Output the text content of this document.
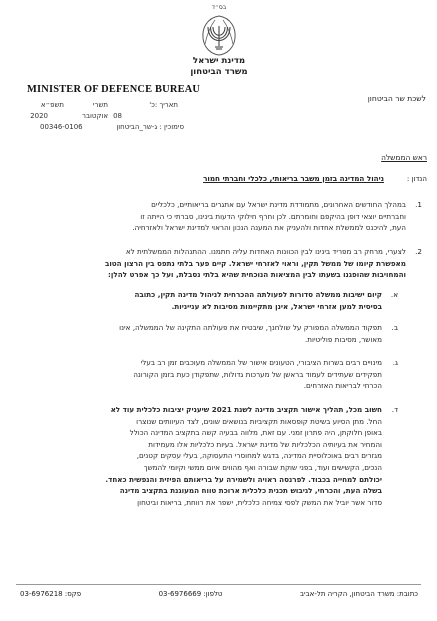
בס״ד
מדינת ישראל
משרד הביטחון
MINISTER OF DEFENCE BUREAU
לשכת שר הביטחון
תאריך :כ'
תשרי
תשפ״א
08
אוקטובר
2020
סימוכין : ג-שר_הביטחון
00346-0106
ראש הממשלה
הנדון :
ניהול המדינה בזמן משבר בריאותי, כלכלי וחברתי חמור
.1
במהלך החודשים האחרונים, מתמודדת מדינת ישראל עם אתגרים בריאותיים, כלכליים
וחברתיים יוצאי דופן בהיקפם וחומרתם. לכן וחרף חילוקי הדעות בינינו, סברתי כי הייתה זו
העת, להיכנס לממשלת אחדות ולהעניק את המענה הנכון והראוי למדינת ישראל ולאזרחיה.
.2
לצערי, מרחק רב מפריד בינינו לבין הכוונות האחדות עליה חתמנו. ההתנהלות הממשלתית לא
מאפשרת קיומו של ממשל תקין, וראוי לאזרחי ישראל. קיים פער בלתי נתפס בין הרצון הטוב
והמחויבות שהופגנו בשעתו לבין המציאות הנוכחית שהיא בלתי נסבלת, ועל כך אפרט להלן:
.א
קיום ישיבות ממשלה סדורות לפעולתה ההכרחית לניהול מדינה תקין, כתובה
בסיסית למען אזרחי ישראל, אינן מתקיימות מסיבות לא ענייניות.
.ב
תפקוד הממשלה המפורק על שולחנך, שיבטיח את פעולתה התקינה של הממשלה, אינו
מאושר, מסיבות פוליטיות.
.ג
מינויים רבים בשרות הציבורי, הטעונים אישור של הממשלה מעוכבים זמן רב בעלי
תפקידים שעתידים לעמוד בראשן של מערכות גדולות, שתפקודן כעת בזמן הקורונה
הכרחי לבריאות האזרחים.
.ד
חשוב מכל, תהליך אישור תקציב מדינה לשנת 2021 שיעניק יציבות כלכלית עוד לא
החל. מתן הסיוע בשיטת קופסאות תקציביות בנושאים שונים, לצד העיוותים שנוצרו
באופן חלוקתן, היה פתרון זמני. עם זאת, מלווה בבעיה קשה בתקציב המדינה הכולל
והמחיר את בעיותיה הכלכליות של מדינת ישראל. בעיות כלכליות אלו מעמידות
מגזרים רבים באוכלוסיית המדינה, בדגש למחוסרי התעסוקה, בעלי עסקים קטנים,
הנכים, הקשישים ועוד, בפני שוקת שבורה ואף מהווים איום ממשי וקיומי להמשך
יכולתם למחייה בכבוד. לפרנסה ראויה ולשמירה על בריאותם הפיזית והנפשית כאחד.
בשלה העת, והכרחי, לגיבוש תכנית כלכלית ארוכת טווח המעוגנת בתקציב מדינה
סדור אשר יוביל את המשק לפסי צמיחה כלכלית, ישפר את רווחת, בריאות וביטחון
כתובת: משרד הביטחון, הקריה תל-אביב
טלפון: 03-6976669
פקס: 03-6976218
